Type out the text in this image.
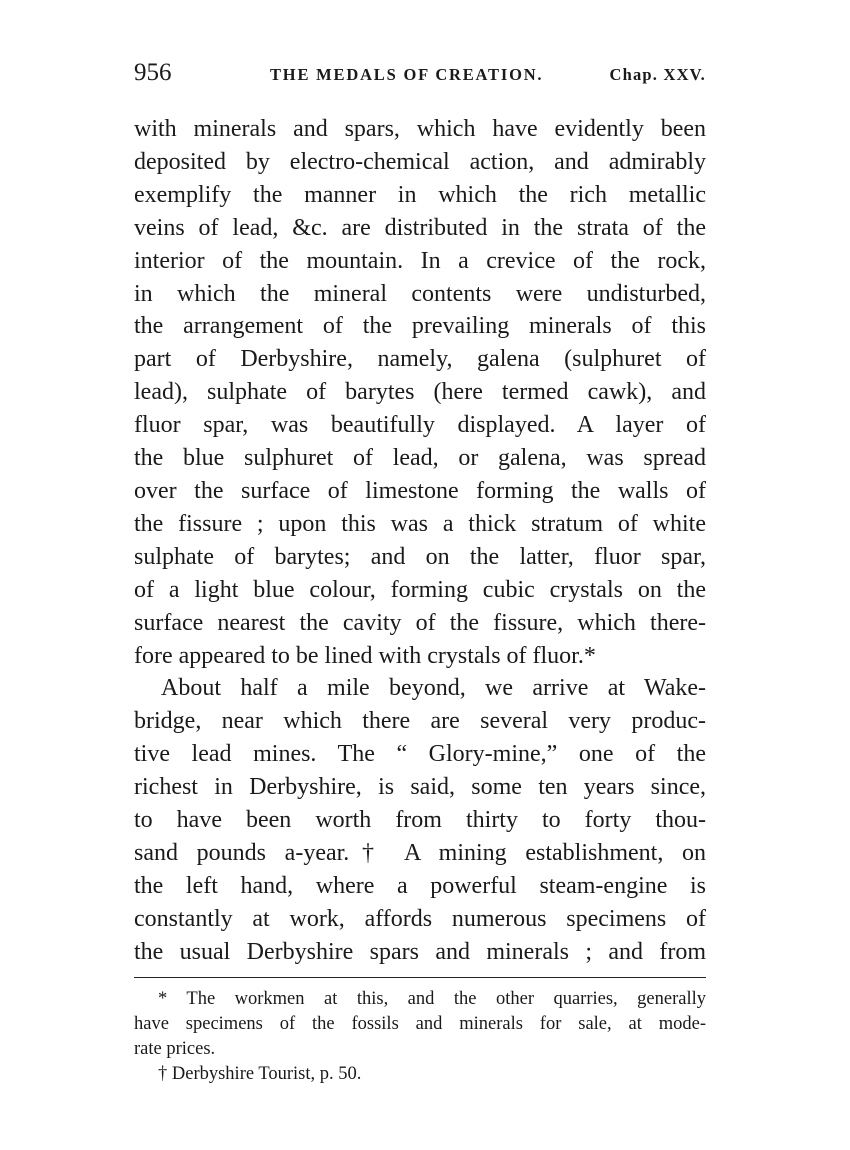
956	THE MEDALS OF CREATION.	Chap. XXV.
with minerals and spars, which have evidently been
deposited by electro-chemical action, and admirably
exemplify the manner in which the rich metallic
veins of lead, &c. are distributed in the strata of the
interior of the mountain. In a crevice of the rock,
in which the mineral contents were undisturbed,
the arrangement of the prevailing minerals of this
part of Derbyshire, namely, galena (sulphuret of
lead), sulphate of barytes (here termed cawk), and
fluor spar, was beautifully displayed. A layer of
the blue sulphuret of lead, or galena, was spread
over the surface of limestone forming the walls of
the fissure ; upon this was a thick stratum of white
sulphate of barytes; and on the latter, fluor spar,
of a light blue colour, forming cubic crystals on the
surface nearest the cavity of the fissure, which there-
fore appeared to be lined with crystals of fluor.*
About half a mile beyond, we arrive at Wake-
bridge, near which there are several very produc-
tive lead mines. The “ Glory-mine,” one of the
richest in Derbyshire, is said, some ten years since,
to have been worth from thirty to forty thou-
sand pounds a-year.† A mining establishment, on
the left hand, where a powerful steam-engine is
constantly at work, affords numerous specimens of
the usual Derbyshire spars and minerals ; and from
* The workmen at this, and the other quarries, generally
have specimens of the fossils and minerals for sale, at mode-
rate prices.
† Derbyshire Tourist, p. 50.
